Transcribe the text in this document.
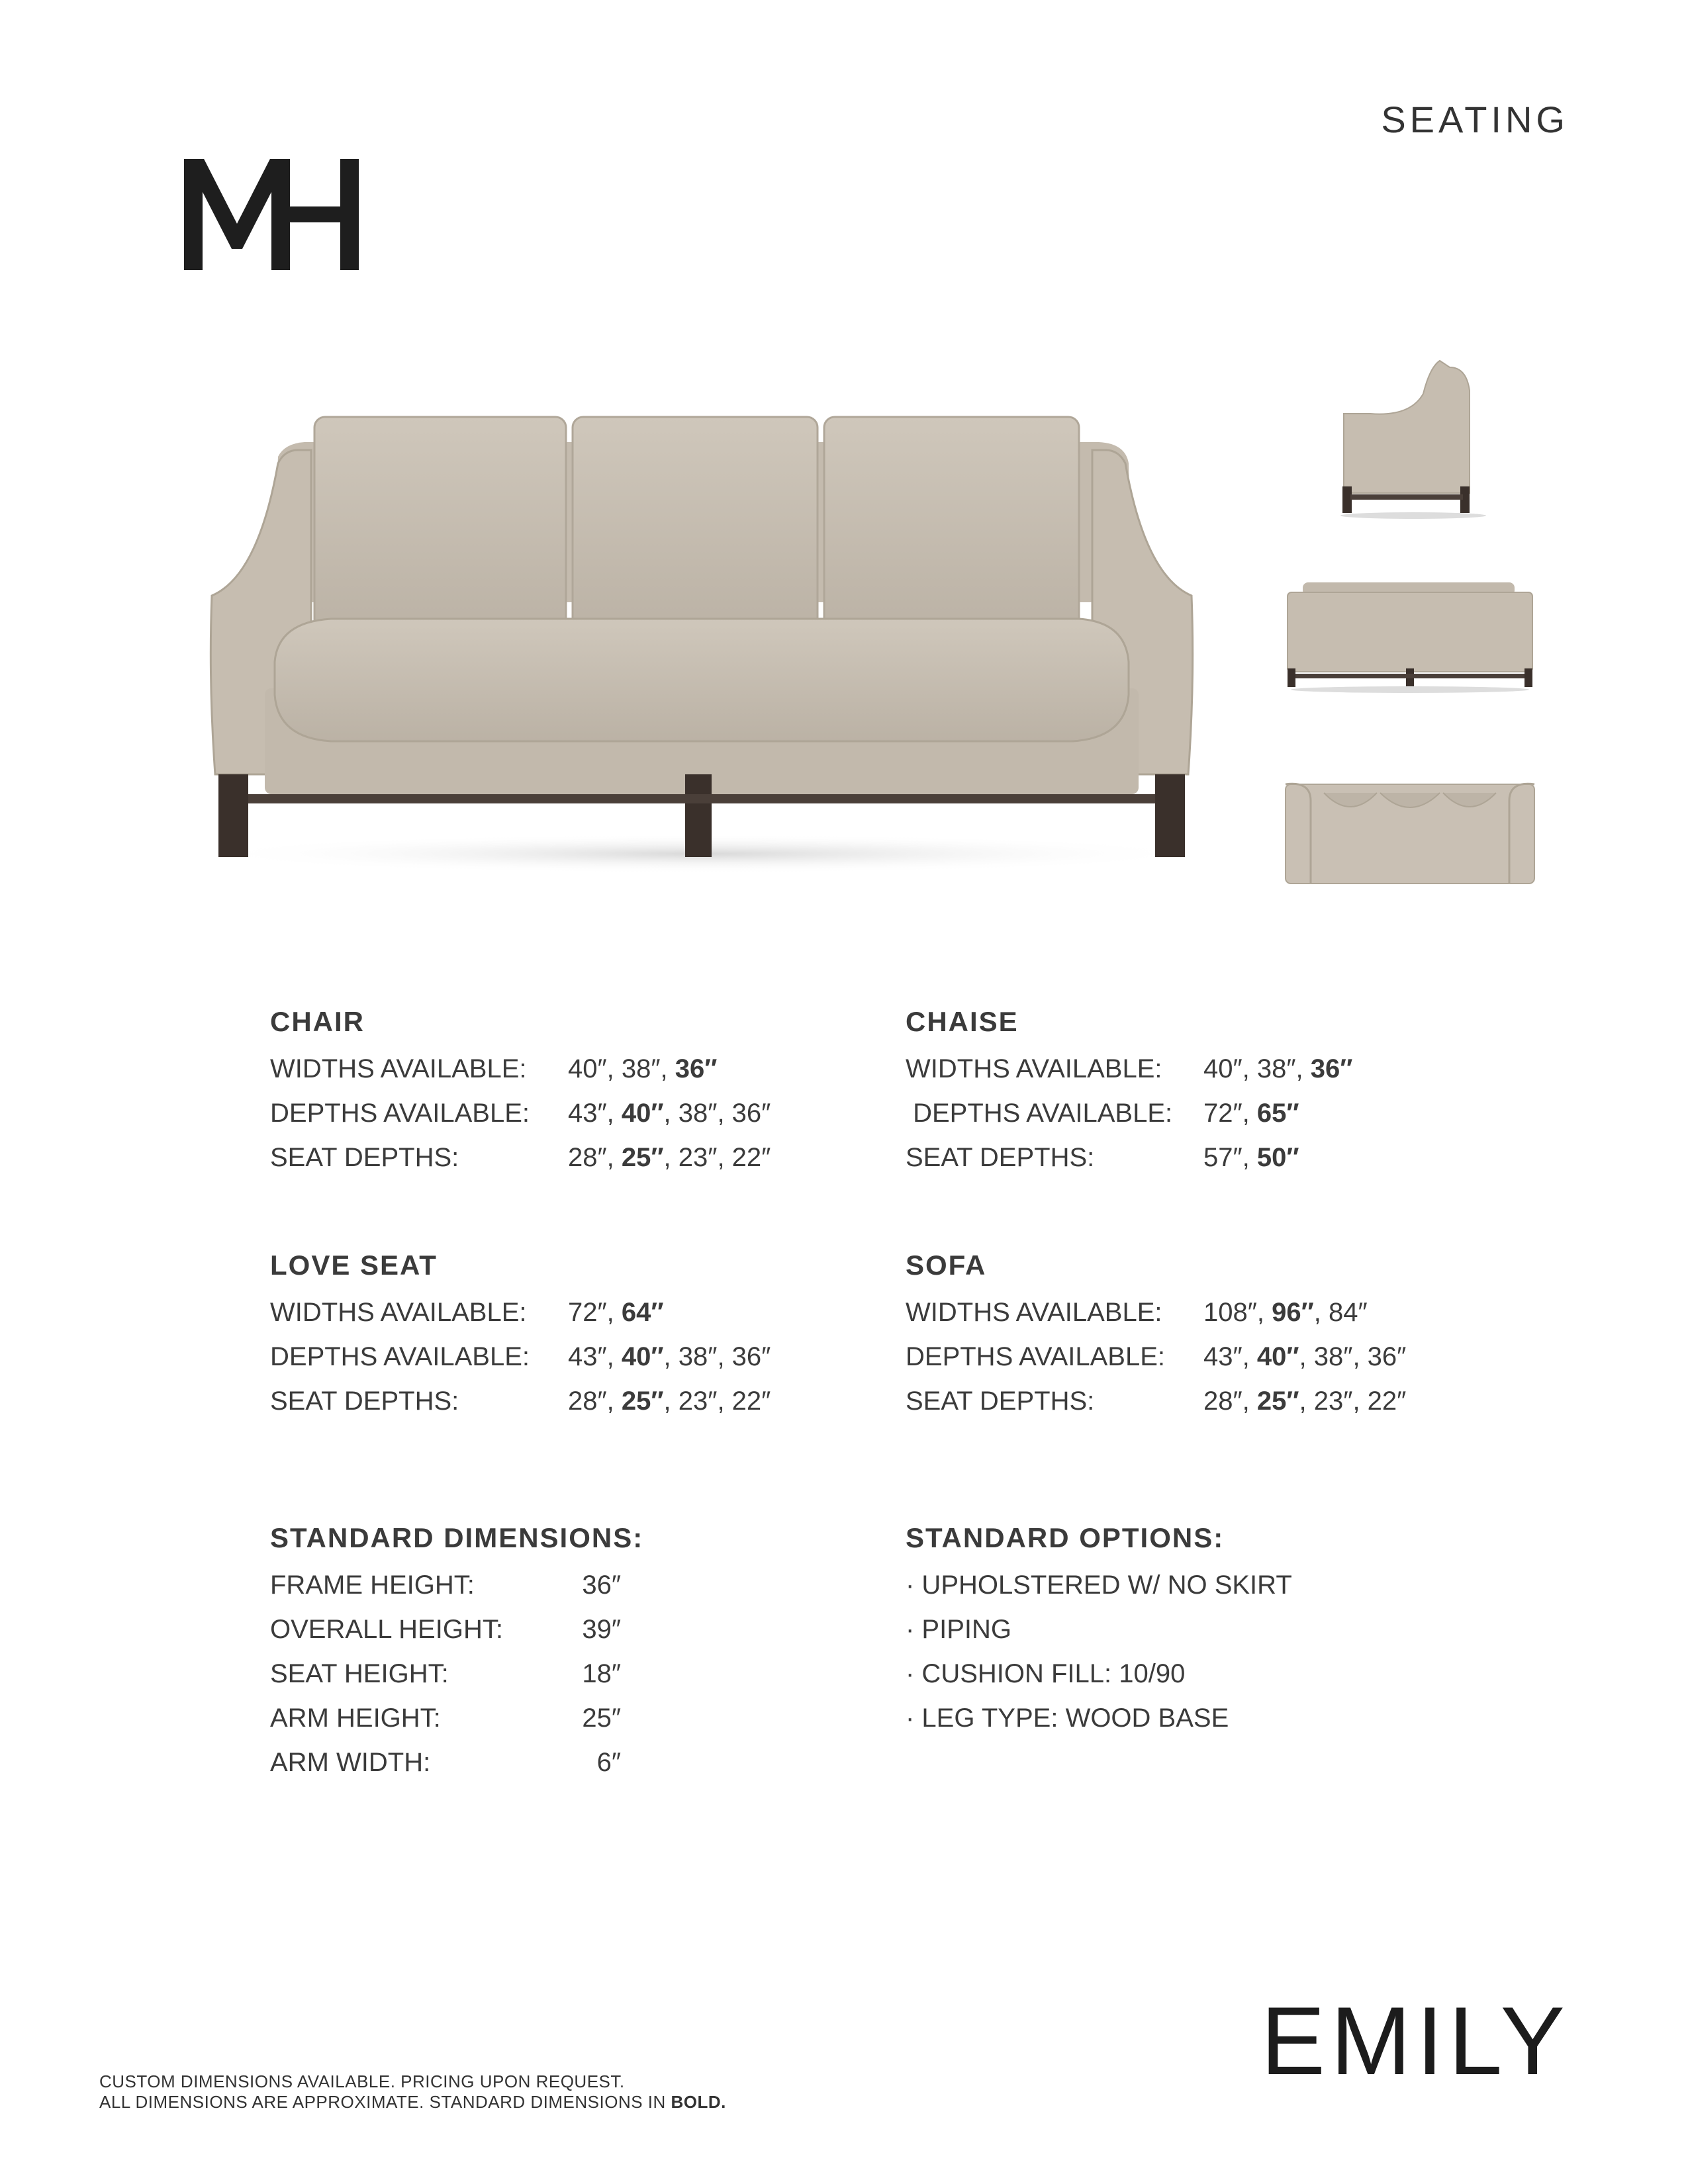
SEATING
CHAIR
WIDTHS AVAILABLE:	40″, 38″, 36″
DEPTHS AVAILABLE:	43″, 40″, 38″, 36″
SEAT DEPTHS:	28″, 25″, 23″, 22″
CHAISE
WIDTHS AVAILABLE:	40″, 38″, 36″
DEPTHS AVAILABLE:	72″, 65″
SEAT DEPTHS:	57″, 50″
LOVE SEAT
WIDTHS AVAILABLE:	72″, 64″
DEPTHS AVAILABLE:	43″, 40″, 38″, 36″
SEAT DEPTHS:	28″, 25″, 23″, 22″
SOFA
WIDTHS AVAILABLE:	108″, 96″, 84″
DEPTHS AVAILABLE:	43″, 40″, 38″, 36″
SEAT DEPTHS:	28″, 25″, 23″, 22″
STANDARD DIMENSIONS:
FRAME HEIGHT:	36″
OVERALL HEIGHT:	39″
SEAT HEIGHT:	18″
ARM HEIGHT:	25″
ARM WIDTH:	6″
STANDARD OPTIONS:
· UPHOLSTERED W/ NO SKIRT
· PIPING
· CUSHION FILL: 10/90
· LEG TYPE: WOOD BASE
EMILY
CUSTOM DIMENSIONS AVAILABLE. PRICING UPON REQUEST.
ALL DIMENSIONS ARE APPROXIMATE. STANDARD DIMENSIONS IN BOLD.
